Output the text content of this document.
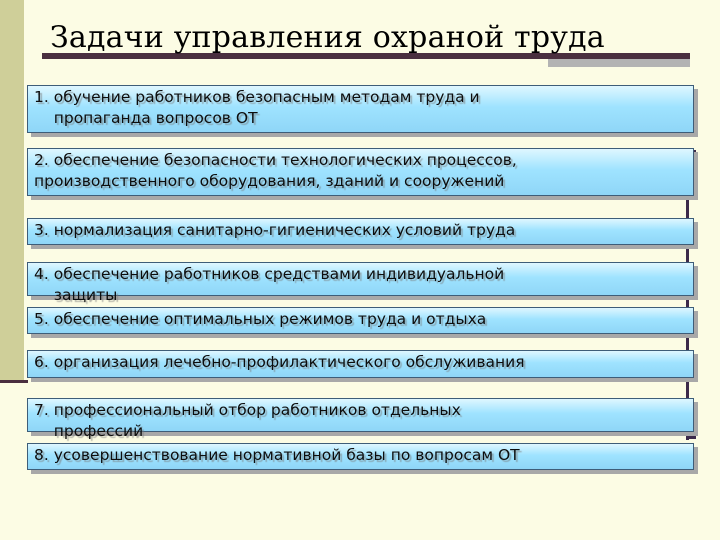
Задачи управления охраной труда

1. обучение работников безопасным методам труда и
пропаганда вопросов ОТ

2. обеспечение безопасности технологических процессов,
производственного оборудования, зданий и сооружений

3. нормализация санитарно-гигиенических условий труда

4. обеспечение работников средствами индивидуальной
защиты

5. обеспечение оптимальных режимов труда и отдыха

6. организация лечебно-профилактического обслуживания

7. профессиональный отбор работников отдельных
профессий

8. усовершенствование нормативной базы по вопросам ОТ
